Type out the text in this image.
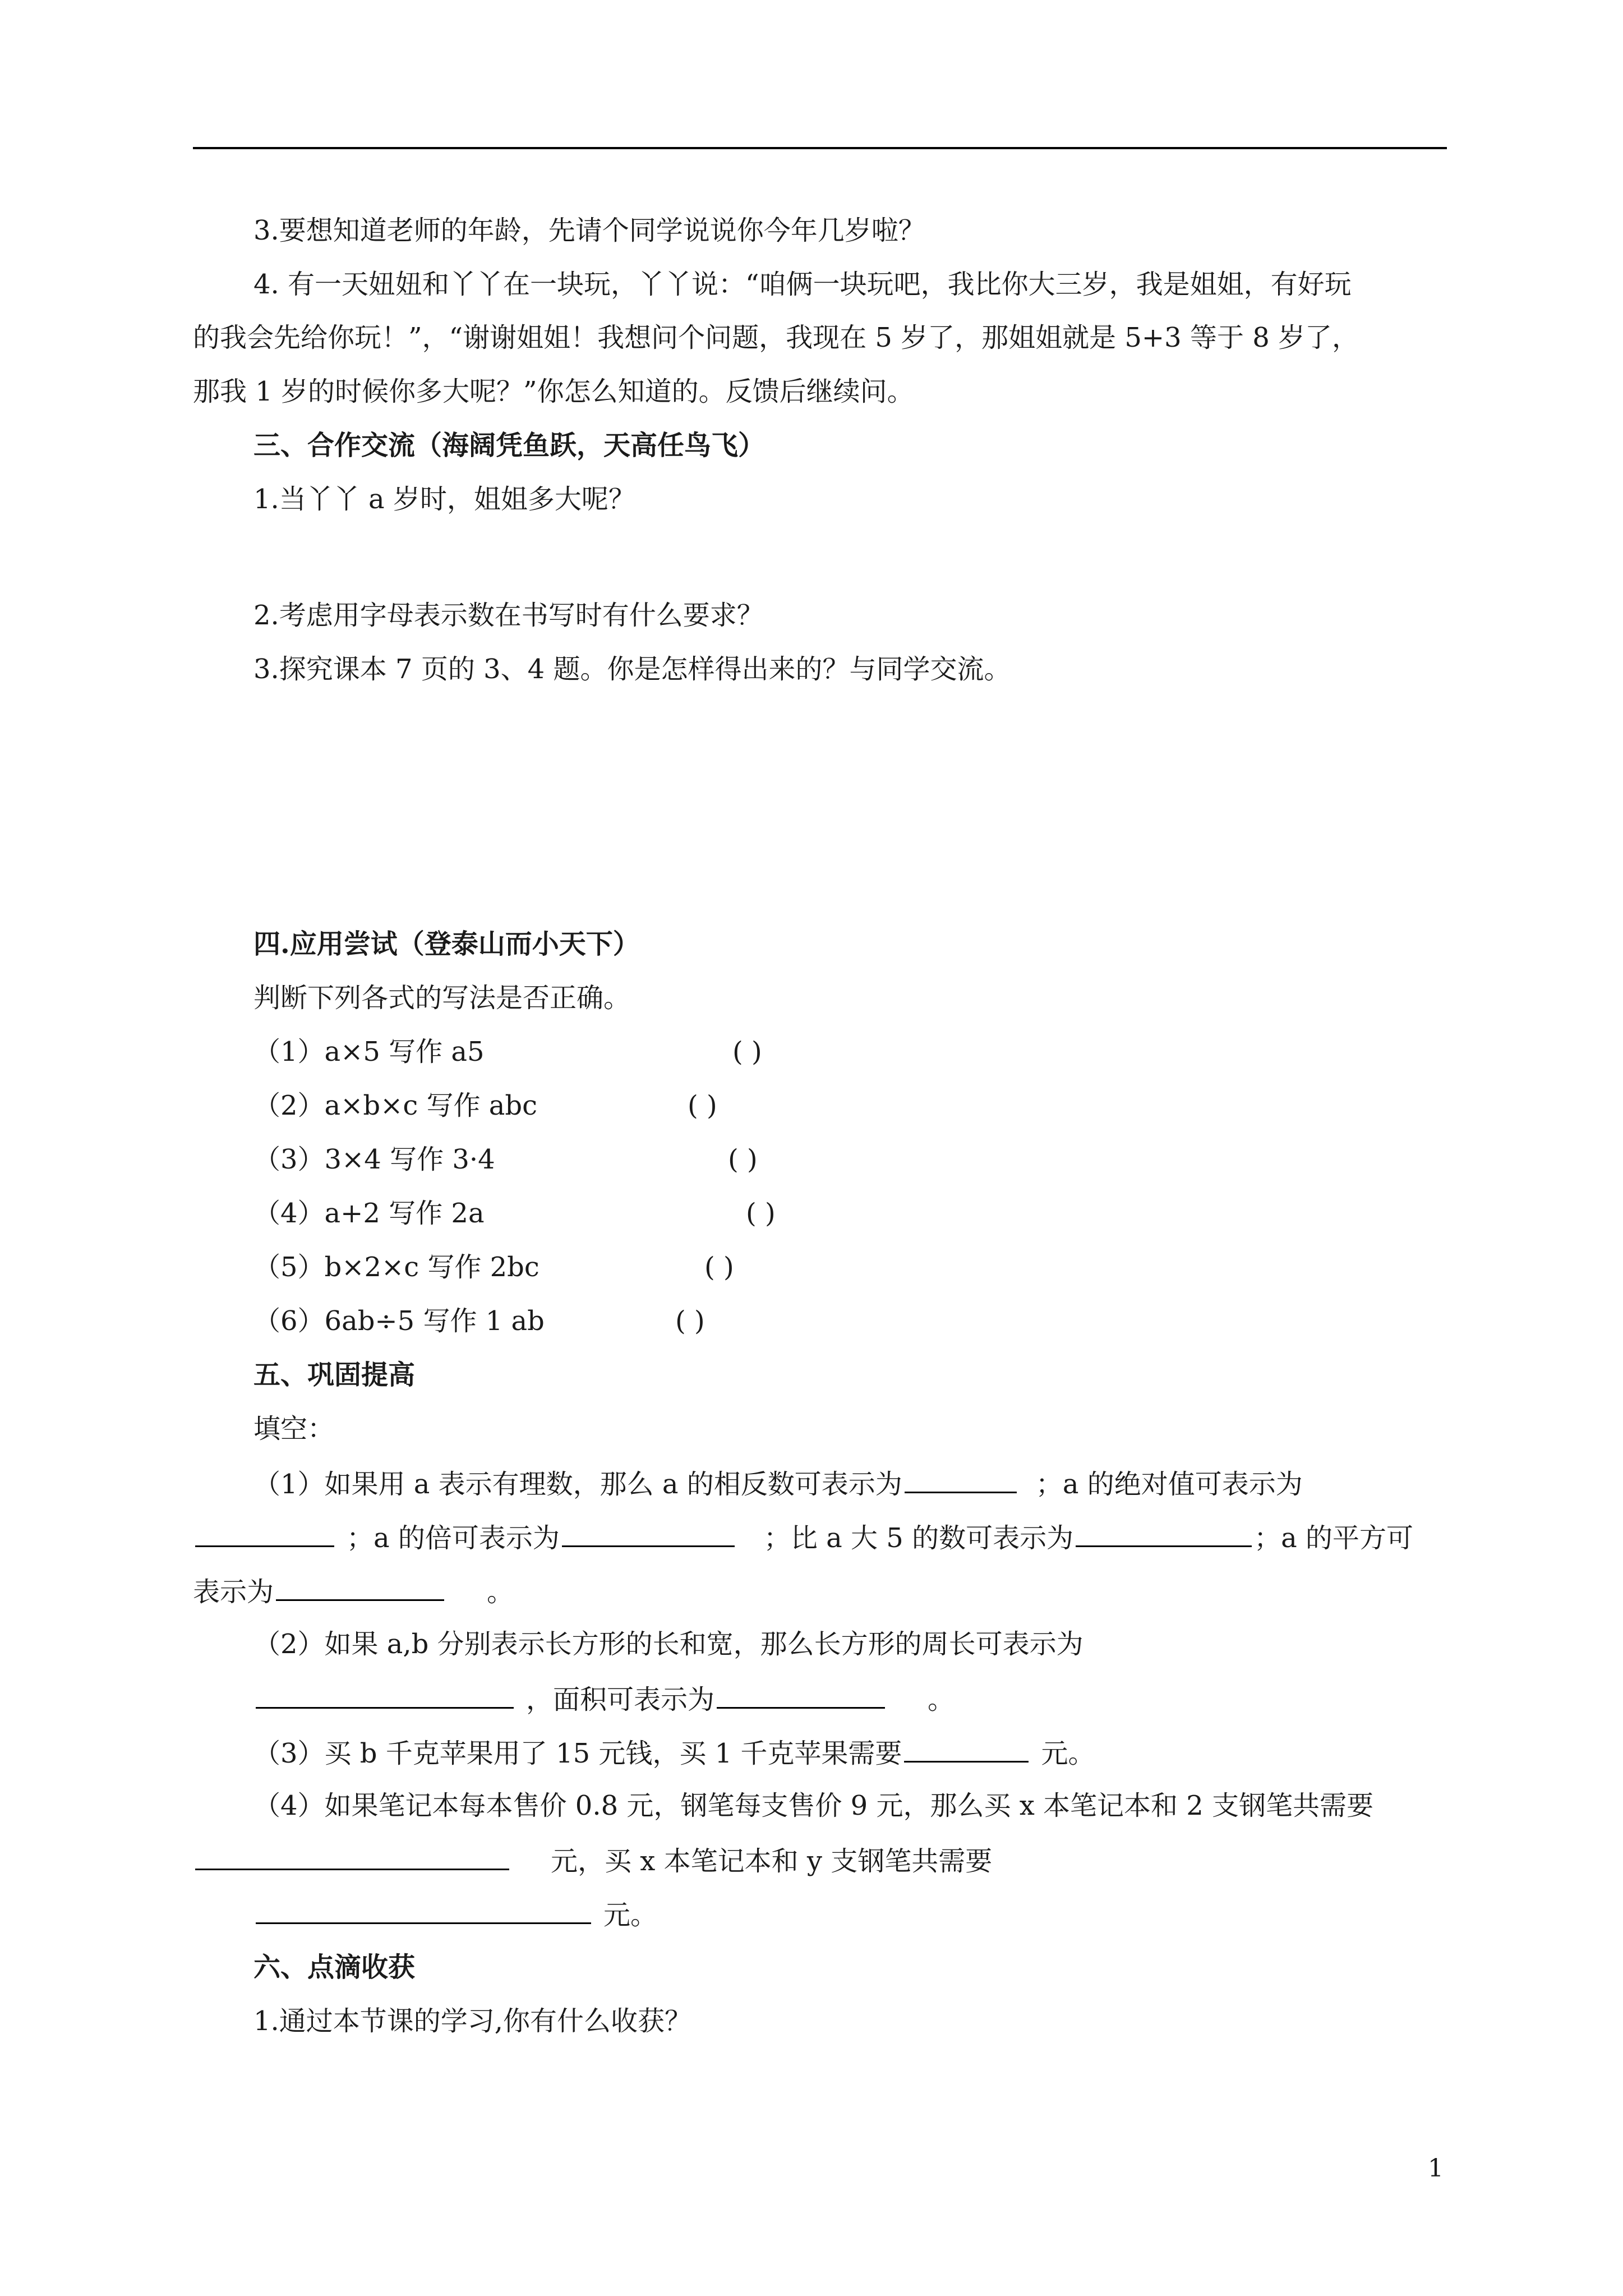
3.要想知道老师的年龄，先请个同学说说你今年几岁啦？
4. 有一天妞妞和丫丫在一块玩，丫丫说：“咱俩一块玩吧，我比你大三岁，我是姐姐，有好玩
的我会先给你玩！”，“谢谢姐姐！我想问个问题，我现在 5 岁了，那姐姐就是 5+3 等于 8 岁了，
那我 1 岁的时候你多大呢？”你怎么知道的。反馈后继续问。
三、合作交流（海阔凭鱼跃，天高任鸟飞）
1.当丫丫 a 岁时，姐姐多大呢？
2.考虑用字母表示数在书写时有什么要求？
3.探究课本 7 页的 3、4 题。你是怎样得出来的？与同学交流。
四.应用尝试（登泰山而小天下）
判断下列各式的写法是否正确。
（1）a×5 写作 a5	( )
（2）a×b×c 写作 abc	( )
（3）3×4 写作 3·4	( )
（4）a+2 写作 2a	( )
（5）b×2×c 写作 2bc	( )
（6）6ab÷5 写作 1 ab	( )
五、巩固提高
填空：
（1）如果用 a 表示有理数，那么 a 的相反数可表示为	；a 的绝对值可表示为
；a 的倍可表示为	；比 a 大 5 的数可表示为	；a 的平方可
表示为	。
（2）如果 a,b 分别表示长方形的长和宽，那么长方形的周长可表示为
，面积可表示为	。
（3）买 b 千克苹果用了 15 元钱，买 1 千克苹果需要	元。
（4）如果笔记本每本售价 0.8 元，钢笔每支售价 9 元，那么买 x 本笔记本和 2 支钢笔共需要
元，买 x 本笔记本和 y 支钢笔共需要
元。
六、点滴收获
1.通过本节课的学习,你有什么收获？
1
